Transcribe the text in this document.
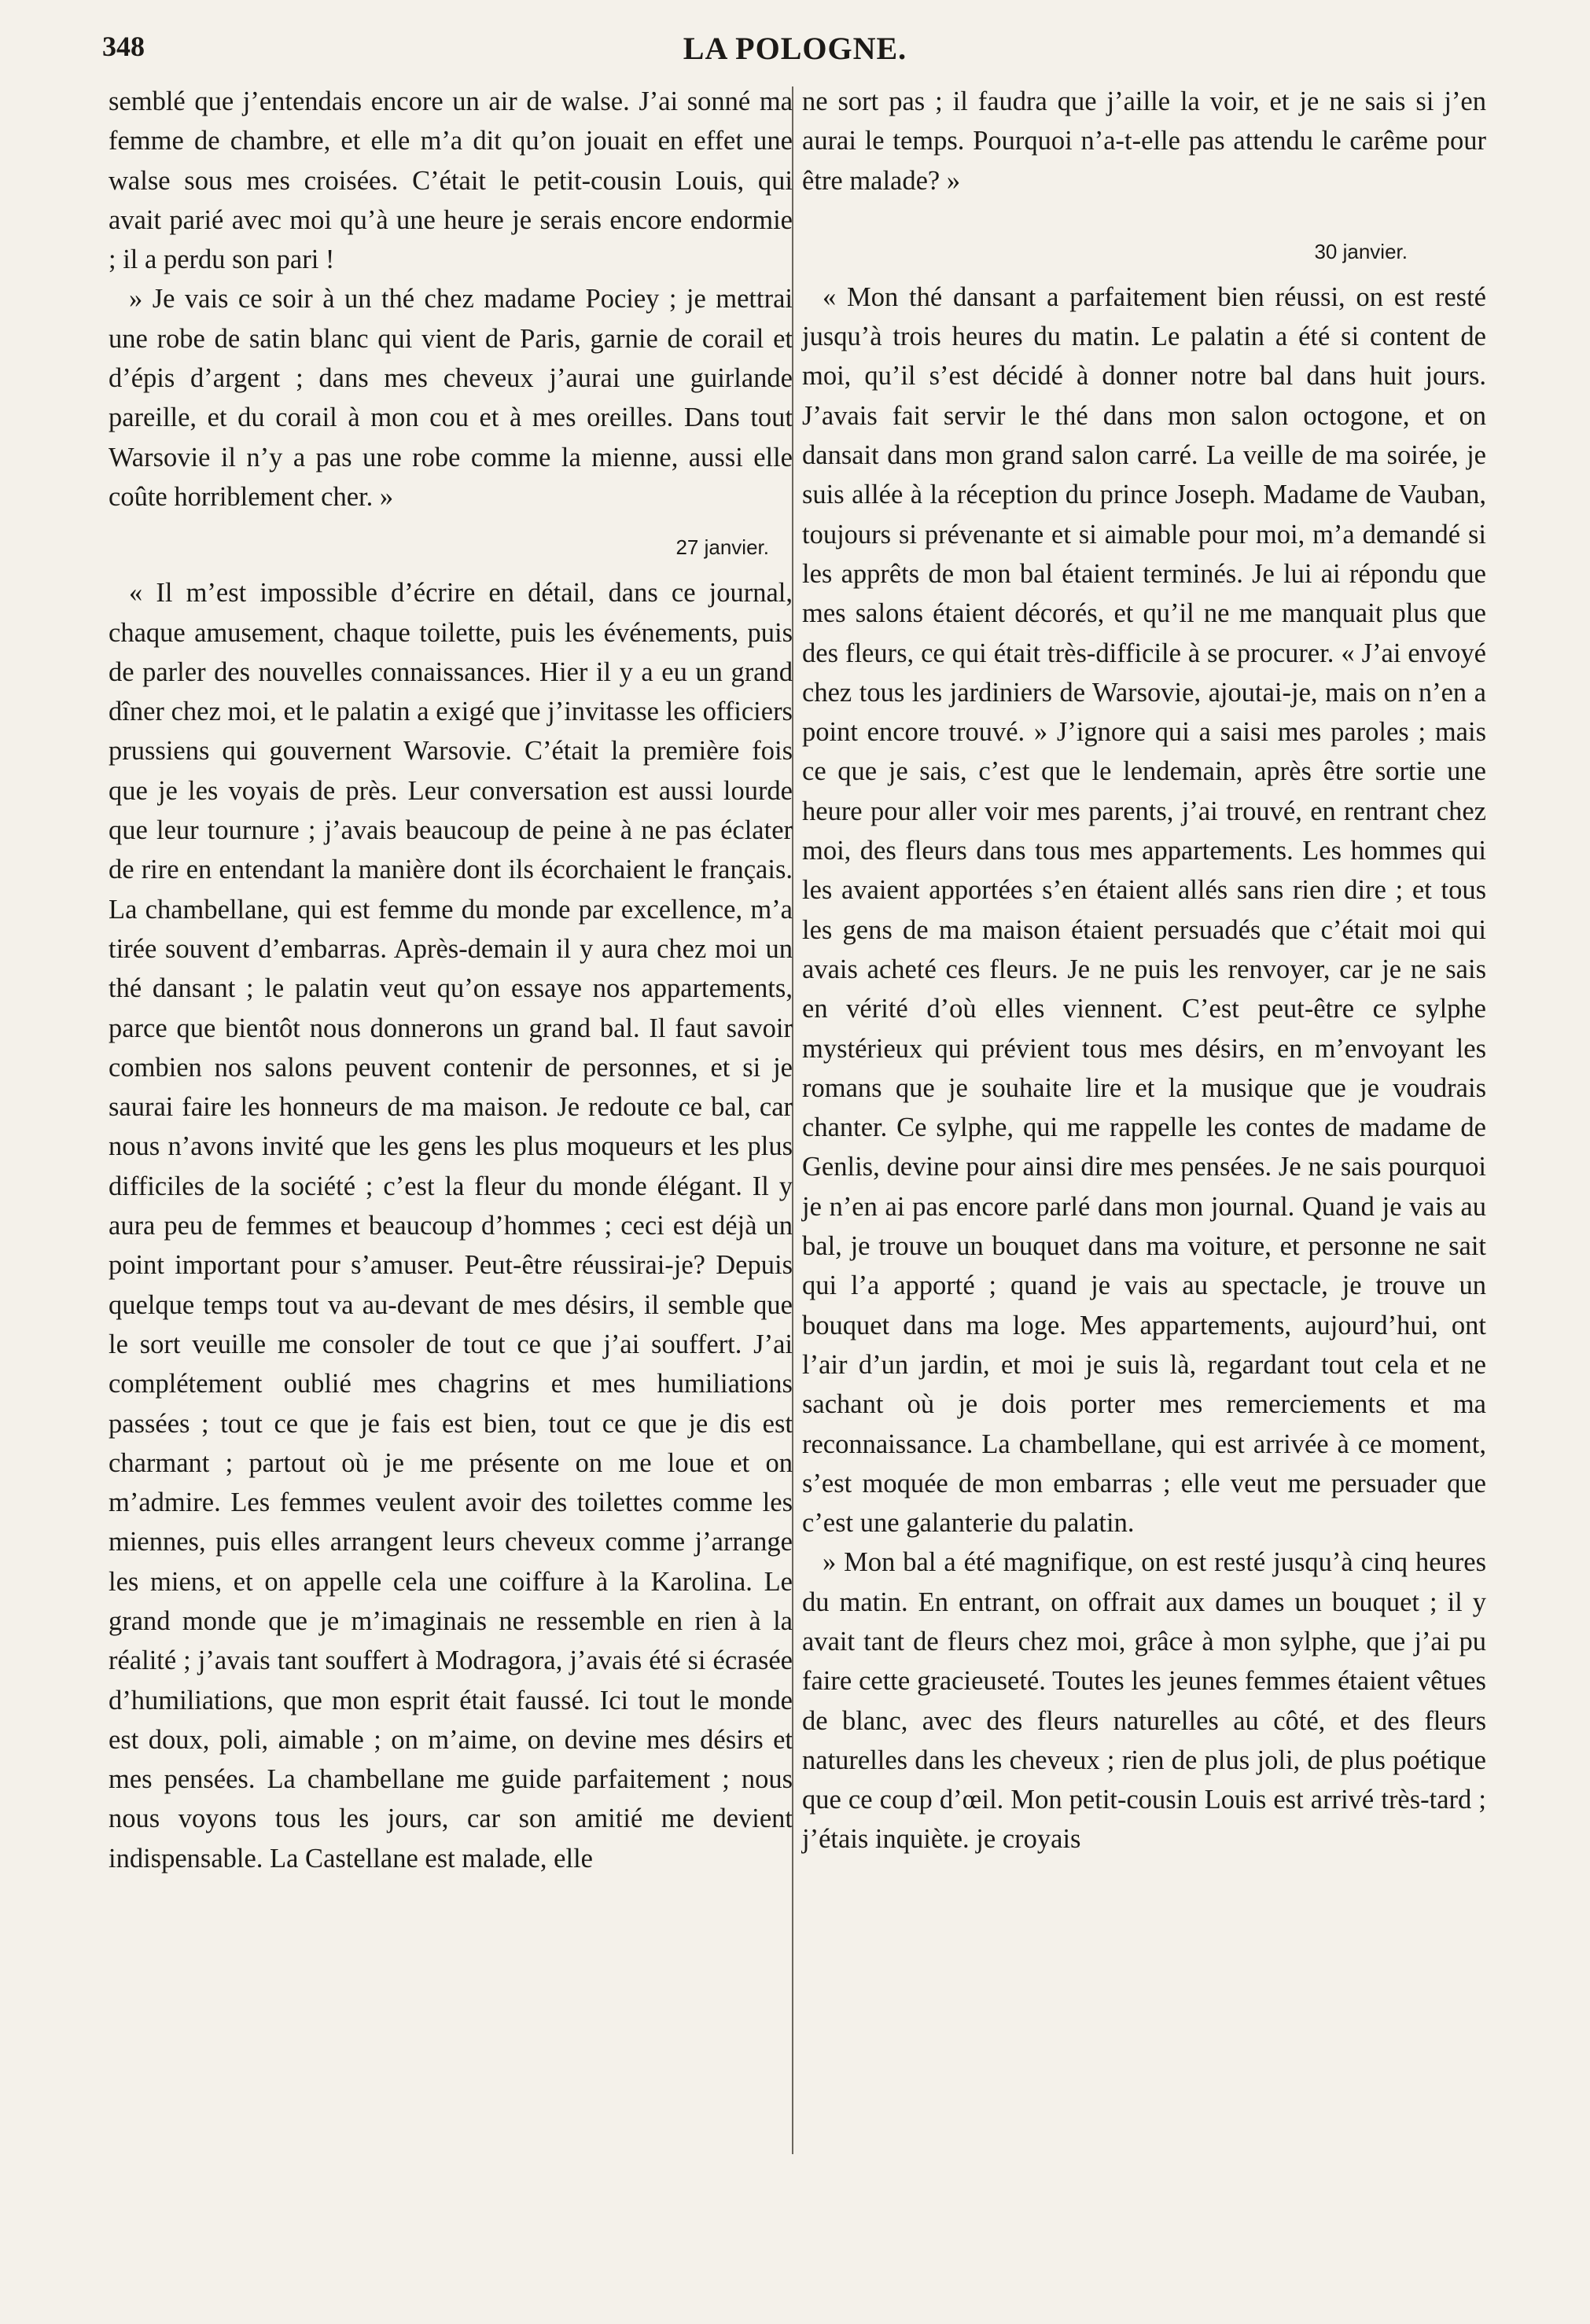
348	LA POLOGNE.

semblé que j’entendais encore un air de walse. J’ai sonné ma femme de chambre, et elle m’a dit qu’on jouait en effet une walse sous mes croisées. C’était le petit-cousin Louis, qui avait parié avec moi qu’à une heure je serais encore endormie ; il a perdu son pari !

» Je vais ce soir à un thé chez madame Pociey ; je mettrai une robe de satin blanc qui vient de Paris, garnie de corail et d’épis d’argent ; dans mes cheveux j’aurai une guirlande pareille, et du corail à mon cou et à mes oreilles. Dans tout Warsovie il n’y a pas une robe comme la mienne, aussi elle coûte horriblement cher. »

27 janvier.

« Il m’est impossible d’écrire en détail, dans ce journal, chaque amusement, chaque toilette, puis les événements, puis de parler des nouvelles connaissances. Hier il y a eu un grand dîner chez moi, et le palatin a exigé que j’invitasse les officiers prussiens qui gouvernent Warsovie. C’était la première fois que je les voyais de près. Leur conversation est aussi lourde que leur tournure ; j’avais beaucoup de peine à ne pas éclater de rire en entendant la manière dont ils écorchaient le français. La chambellane, qui est femme du monde par excellence, m’a tirée souvent d’embarras. Après-demain il y aura chez moi un thé dansant ; le palatin veut qu’on essaye nos appartements, parce que bientôt nous donnerons un grand bal. Il faut savoir combien nos salons peuvent contenir de personnes, et si je saurai faire les honneurs de ma maison. Je redoute ce bal, car nous n’avons invité que les gens les plus moqueurs et les plus difficiles de la société ; c’est la fleur du monde élégant. Il y aura peu de femmes et beaucoup d’hommes ; ceci est déjà un point important pour s’amuser. Peut-être réussirai-je? Depuis quelque temps tout va au-devant de mes désirs, il semble que le sort veuille me consoler de tout ce que j’ai souffert. J’ai complétement oublié mes chagrins et mes humiliations passées ; tout ce que je fais est bien, tout ce que je dis est charmant ; partout où je me présente on me loue et on m’admire. Les femmes veulent avoir des toilettes comme les miennes, puis elles arrangent leurs cheveux comme j’arrange les miens, et on appelle cela une coiffure à la Karolina. Le grand monde que je m’imaginais ne ressemble en rien à la réalité ; j’avais tant souffert à Modragora, j’avais été si écrasée d’humiliations, que mon esprit était faussé. Ici tout le monde est doux, poli, aimable ; on m’aime, on devine mes désirs et mes pensées. La chambellane me guide parfaitement ; nous nous voyons tous les jours, car son amitié me devient indispensable. La Castellane est malade, elle

ne sort pas ; il faudra que j’aille la voir, et je ne sais si j’en aurai le temps. Pourquoi n’a-t-elle pas attendu le carême pour être malade? »

30 janvier.

« Mon thé dansant a parfaitement bien réussi, on est resté jusqu’à trois heures du matin. Le palatin a été si content de moi, qu’il s’est décidé à donner notre bal dans huit jours. J’avais fait servir le thé dans mon salon octogone, et on dansait dans mon grand salon carré. La veille de ma soirée, je suis allée à la réception du prince Joseph. Madame de Vauban, toujours si prévenante et si aimable pour moi, m’a demandé si les apprêts de mon bal étaient terminés. Je lui ai répondu que mes salons étaient décorés, et qu’il ne me manquait plus que des fleurs, ce qui était très-difficile à se procurer. « J’ai envoyé chez tous les jardiniers de Warsovie, ajoutai-je, mais on n’en a point encore trouvé. » J’ignore qui a saisi mes paroles ; mais ce que je sais, c’est que le lendemain, après être sortie une heure pour aller voir mes parents, j’ai trouvé, en rentrant chez moi, des fleurs dans tous mes appartements. Les hommes qui les avaient apportées s’en étaient allés sans rien dire ; et tous les gens de ma maison étaient persuadés que c’était moi qui avais acheté ces fleurs. Je ne puis les renvoyer, car je ne sais en vérité d’où elles viennent. C’est peut-être ce sylphe mystérieux qui prévient tous mes désirs, en m’envoyant les romans que je souhaite lire et la musique que je voudrais chanter. Ce sylphe, qui me rappelle les contes de madame de Genlis, devine pour ainsi dire mes pensées. Je ne sais pourquoi je n’en ai pas encore parlé dans mon journal. Quand je vais au bal, je trouve un bouquet dans ma voiture, et personne ne sait qui l’a apporté ; quand je vais au spectacle, je trouve un bouquet dans ma loge. Mes appartements, aujourd’hui, ont l’air d’un jardin, et moi je suis là, regardant tout cela et ne sachant où je dois porter mes remerciements et ma reconnaissance. La chambellane, qui est arrivée à ce moment, s’est moquée de mon embarras ; elle veut me persuader que c’est une galanterie du palatin.

» Mon bal a été magnifique, on est resté jusqu’à cinq heures du matin. En entrant, on offrait aux dames un bouquet ; il y avait tant de fleurs chez moi, grâce à mon sylphe, que j’ai pu faire cette gracieuseté. Toutes les jeunes femmes étaient vêtues de blanc, avec des fleurs naturelles au côté, et des fleurs naturelles dans les cheveux ; rien de plus joli, de plus poétique que ce coup d’œil. Mon petit-cousin Louis est arrivé très-tard ; j’étais inquiète. je croyais
